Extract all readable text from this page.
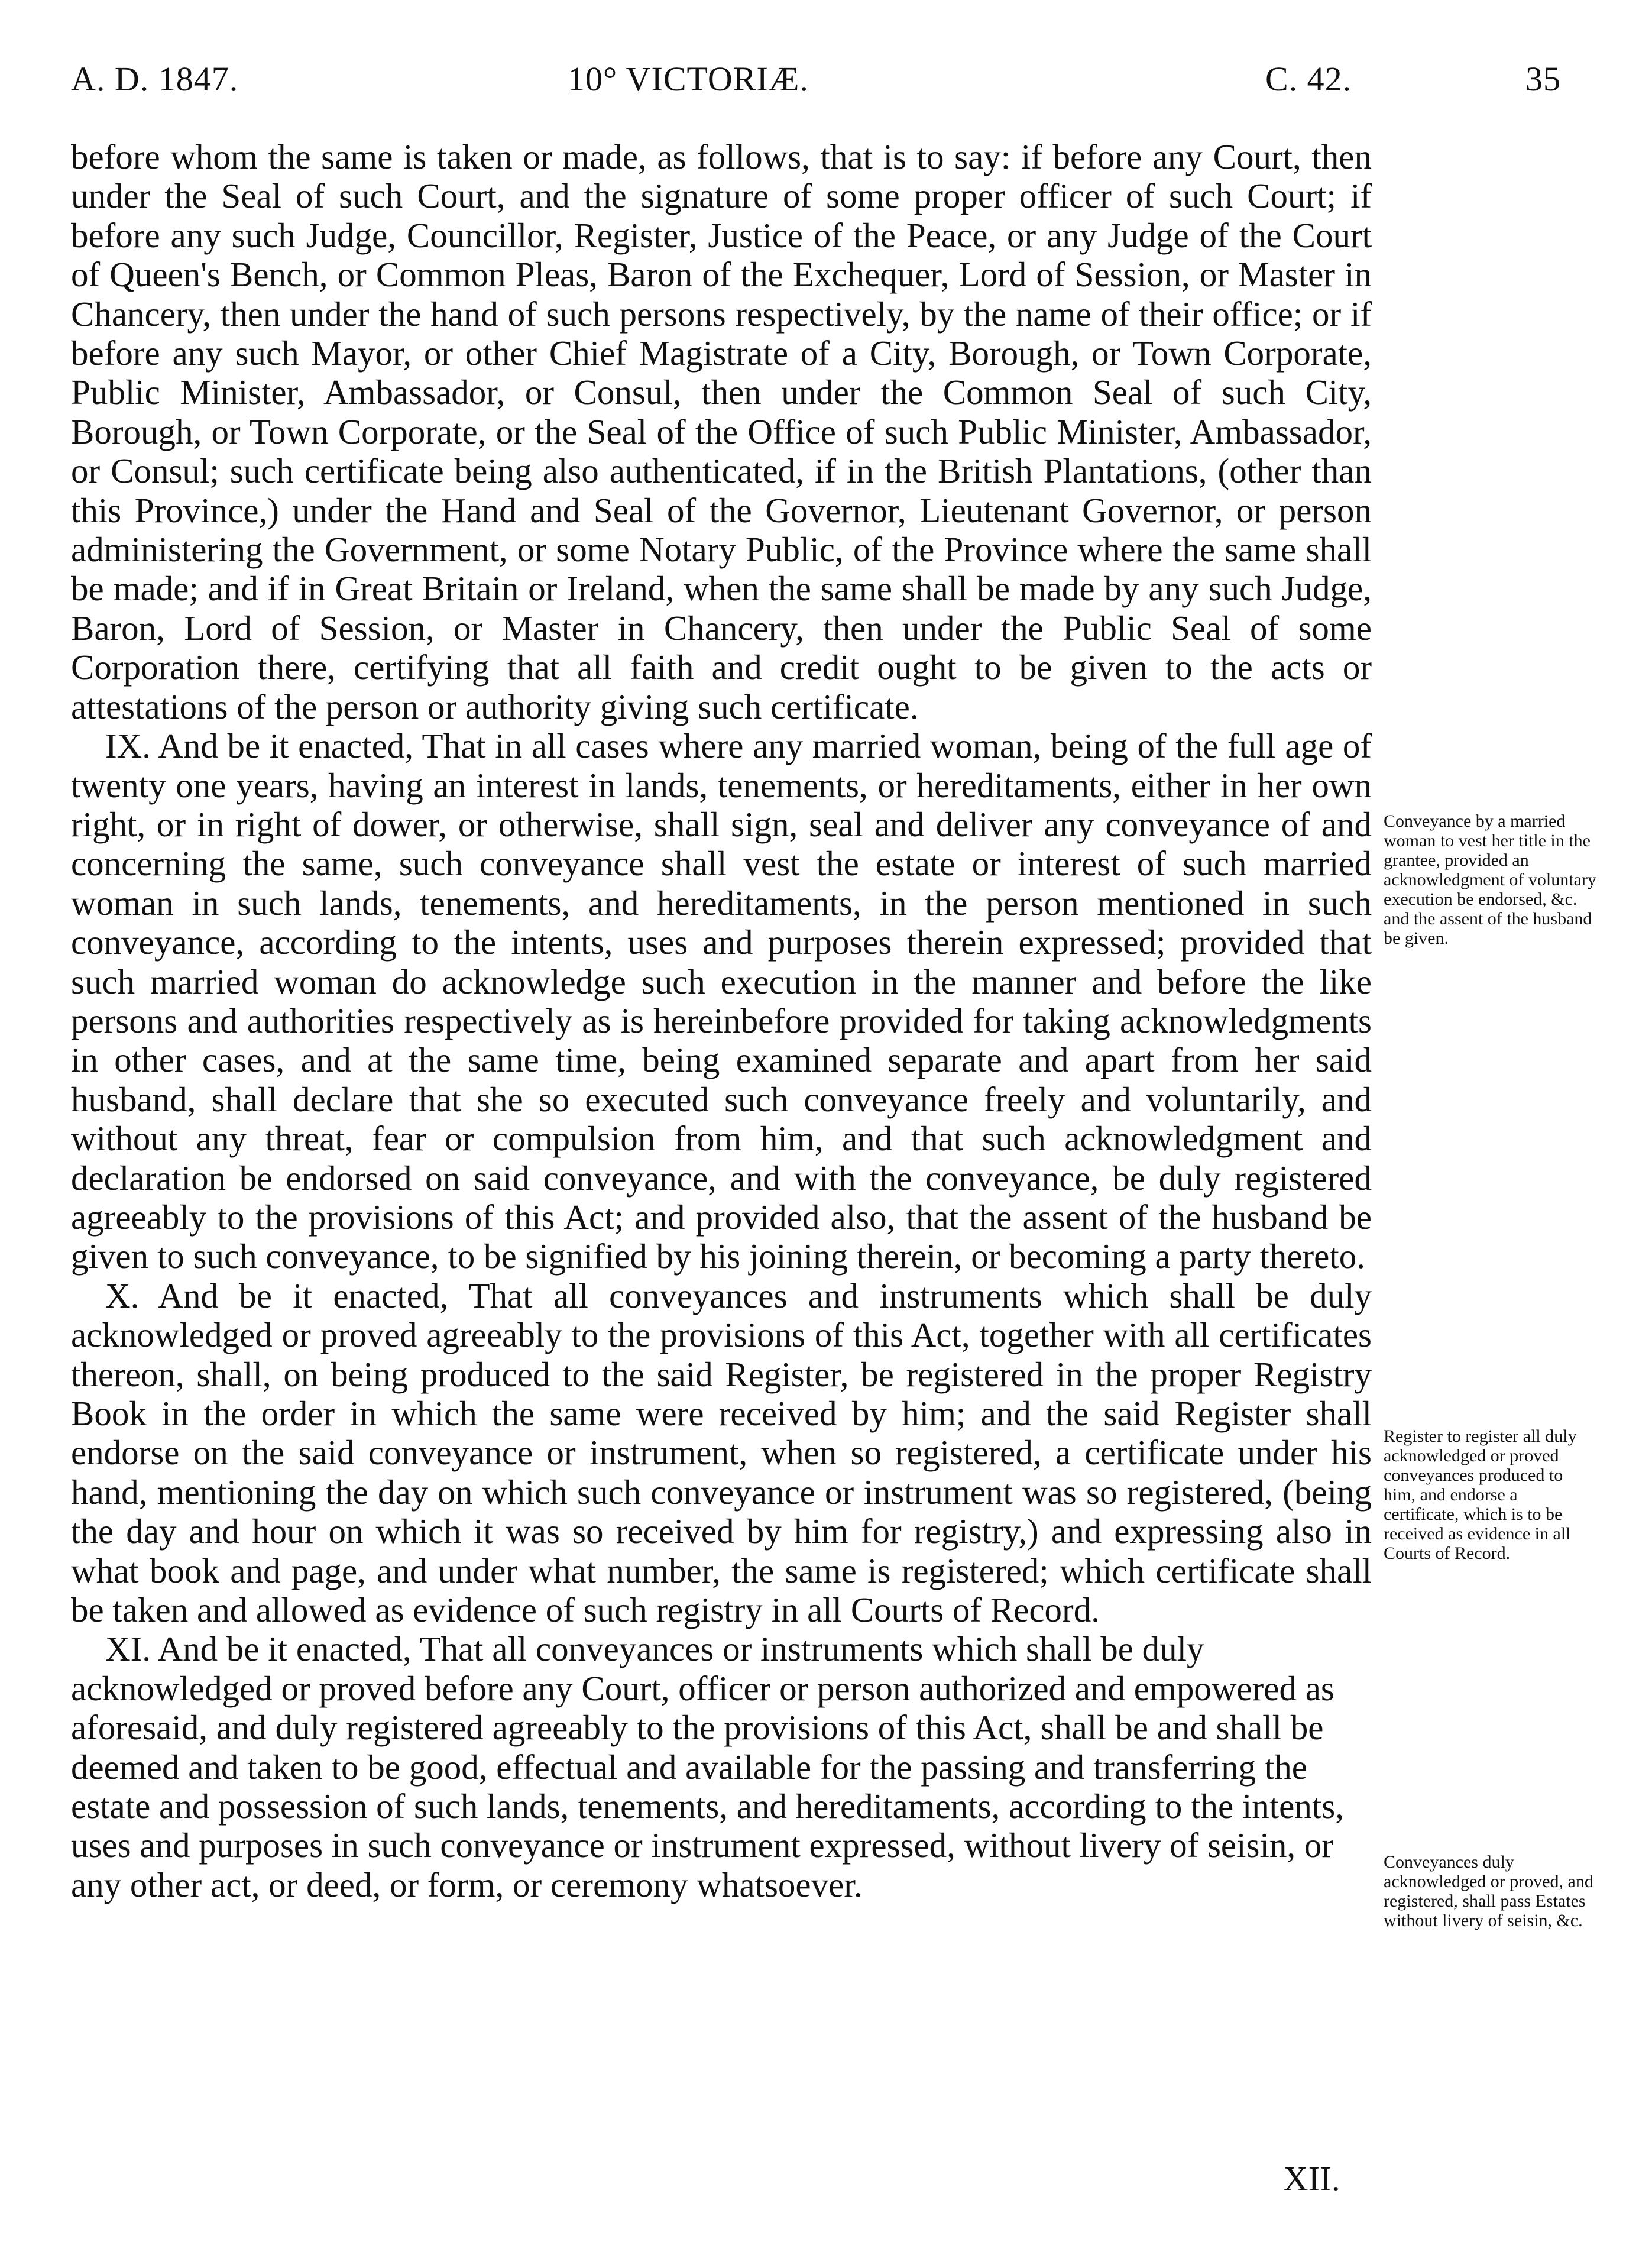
A. D. 1847.	10° VICTORIÆ.	C. 42.	35

before whom the same is taken or made, as follows, that is to say: if before any Court, then under the Seal of such Court, and the signature of some proper officer of such Court; if before any such Judge, Councillor, Register, Justice of the Peace, or any Judge of the Court of Queen's Bench, or Common Pleas, Baron of the Exchequer, Lord of Session, or Master in Chancery, then under the hand of such persons respectively, by the name of their office; or if before any such Mayor, or other Chief Magistrate of a City, Borough, or Town Corporate, Public Minister, Ambassador, or Consul, then under the Common Seal of such City, Borough, or Town Corporate, or the Seal of the Office of such Public Minister, Ambassador, or Consul; such certificate being also authenticated, if in the British Plantations, (other than this Province,) under the Hand and Seal of the Governor, Lieutenant Governor, or person administering the Government, or some Notary Public, of the Province where the same shall be made; and if in Great Britain or Ireland, when the same shall be made by any such Judge, Baron, Lord of Session, or Master in Chancery, then under the Public Seal of some Corporation there, certifying that all faith and credit ought to be given to the acts or attestations of the person or authority giving such certificate.

IX. And be it enacted, That in all cases where any married woman, being of the full age of twenty one years, having an interest in lands, tenements, or hereditaments, either in her own right, or in right of dower, or otherwise, shall sign, seal and deliver any conveyance of and concerning the same, such conveyance shall vest the estate or interest of such married woman in such lands, tenements, and hereditaments, in the person mentioned in such conveyance, according to the intents, uses and purposes therein expressed; provided that such married woman do acknowledge such execution in the manner and before the like persons and authorities respectively as is hereinbefore provided for taking acknowledgments in other cases, and at the same time, being examined separate and apart from her said husband, shall declare that she so executed such conveyance freely and voluntarily, and without any threat, fear or compulsion from him, and that such acknowledgment and declaration be endorsed on said conveyance, and with the conveyance, be duly registered agreeably to the provisions of this Act; and provided also, that the assent of the husband be given to such conveyance, to be signified by his joining therein, or becoming a party thereto.

X. And be it enacted, That all conveyances and instruments which shall be duly acknowledged or proved agreeably to the provisions of this Act, together with all certificates thereon, shall, on being produced to the said Register, be registered in the proper Registry Book in the order in which the same were received by him; and the said Register shall endorse on the said conveyance or instrument, when so registered, a certificate under his hand, mentioning the day on which such conveyance or instrument was so registered, (being the day and hour on which it was so received by him for registry,) and expressing also in what book and page, and under what number, the same is registered; which certificate shall be taken and allowed as evidence of such registry in all Courts of Record.

XI. And be it enacted, That all conveyances or instruments which shall be duly acknowledged or proved before any Court, officer or person authorized and empowered as aforesaid, and duly registered agreeably to the provisions of this Act, shall be and shall be deemed and taken to be good, effectual and available for the passing and transferring the estate and possession of such lands, tenements, and hereditaments, according to the intents, uses and purposes in such conveyance or instrument expressed, without livery of seisin, or any other act, or deed, or form, or ceremony whatsoever.

XII.
Conveyance by a married woman to vest her title in the grantee, provided an acknowledgment of voluntary execution be endorsed, &c. and the assent of the husband be given.
Register to register all duly acknowledged or proved conveyances produced to him, and endorse a certificate, which is to be received as evidence in all Courts of Record.
Conveyances duly acknowledged or proved, and registered, shall pass Estates without livery of seisin, &c.
